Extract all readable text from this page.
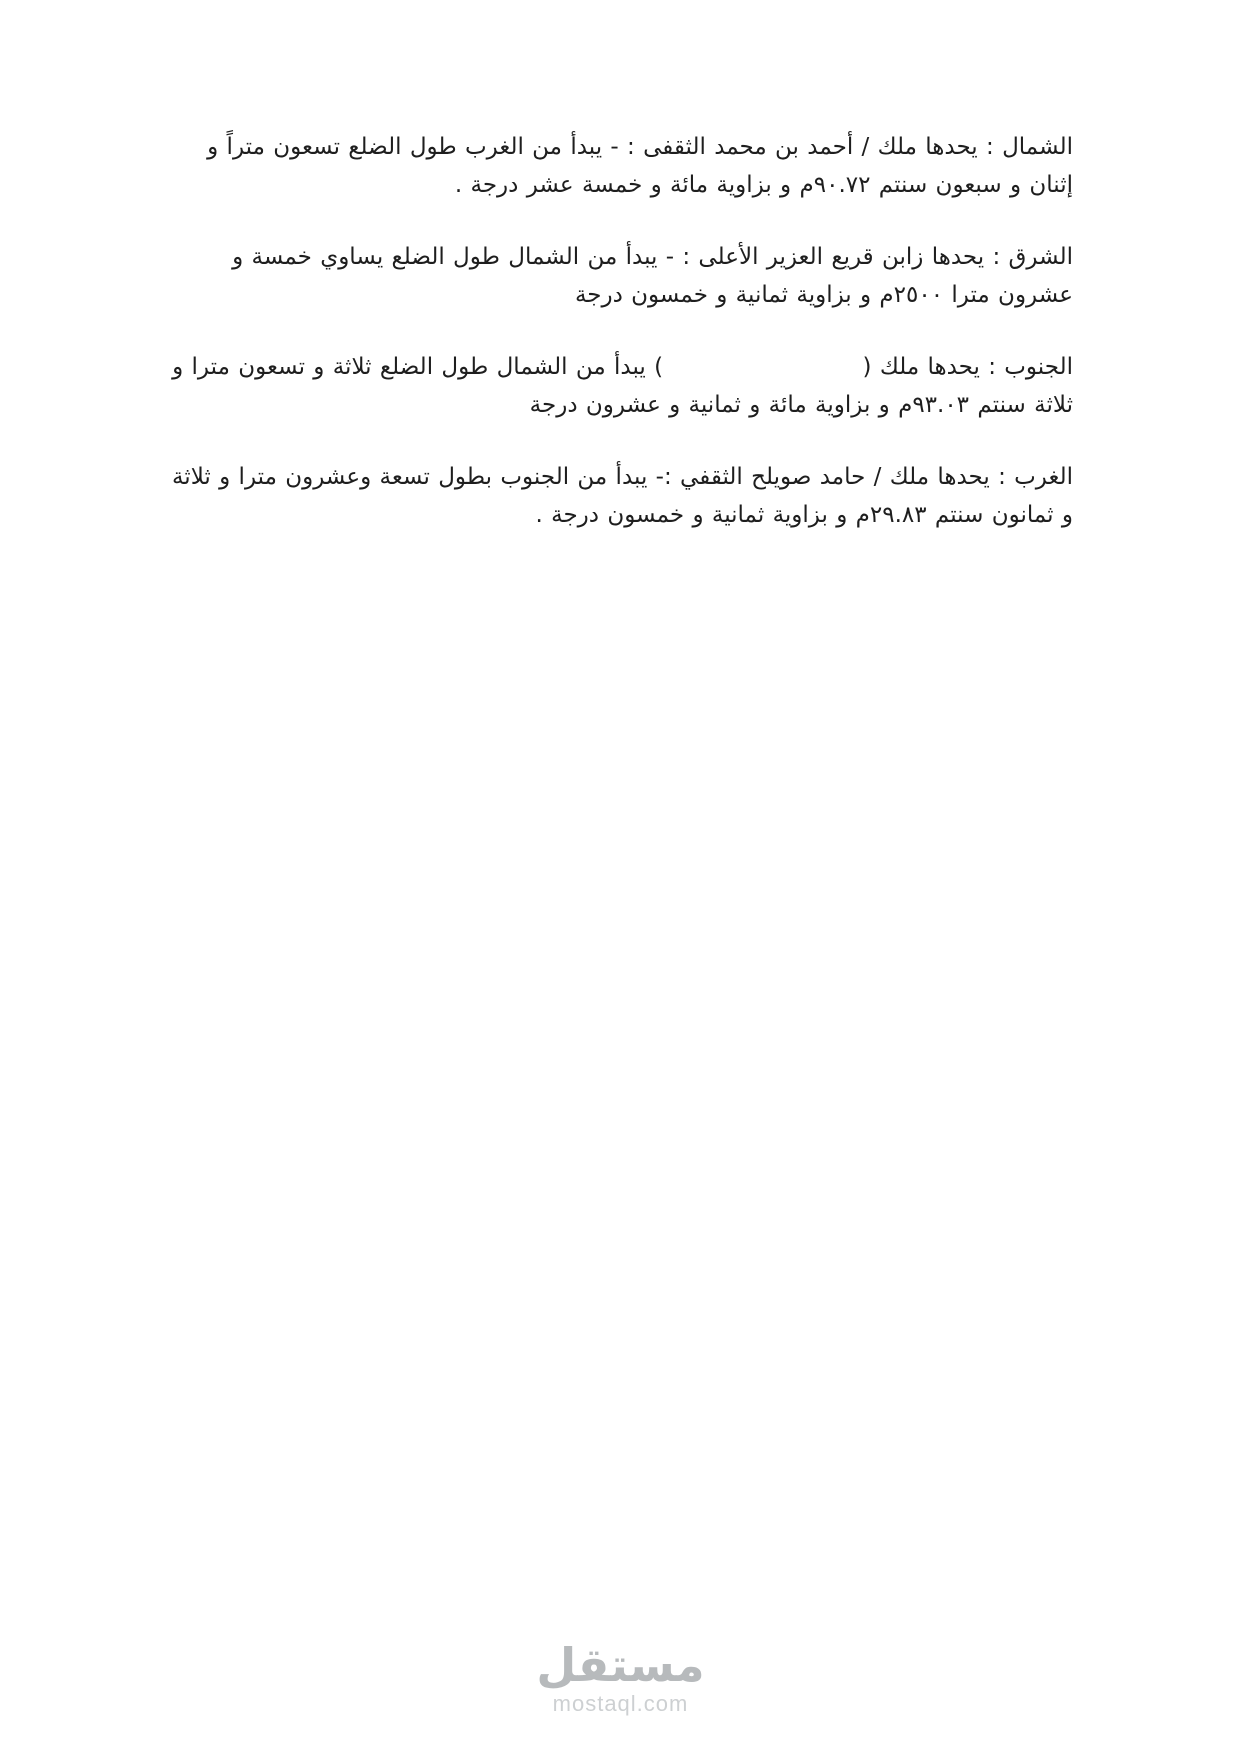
الشمال : يحدها ملك / أحمد بن محمد الثقفى : - يبدأ من الغرب طول الضلع تسعون متراً و إثنان و سبعون سنتم ٩٠.٧٢م و بزاوية مائة و خمسة عشر درجة .

الشرق : يحدها زابن قريع العزير الأعلى : - يبدأ من الشمال طول الضلع يساوي خمسة و عشرون مترا ٢٥٠٠م و بزاوية ثمانية و خمسون درجة

الجنوب : يحدها ملك (                        ) يبدأ من الشمال طول الضلع ثلاثة و تسعون مترا و ثلاثة سنتم ٩٣.٠٣م و بزاوية مائة و ثمانية و عشرون درجة

الغرب : يحدها ملك / حامد صويلح الثقفي :- يبدأ من الجنوب بطول تسعة وعشرون مترا و ثلاثة و ثمانون سنتم ٢٩.٨٣م و بزاوية ثمانية و خمسون درجة .

مستقل
mostaql.com
